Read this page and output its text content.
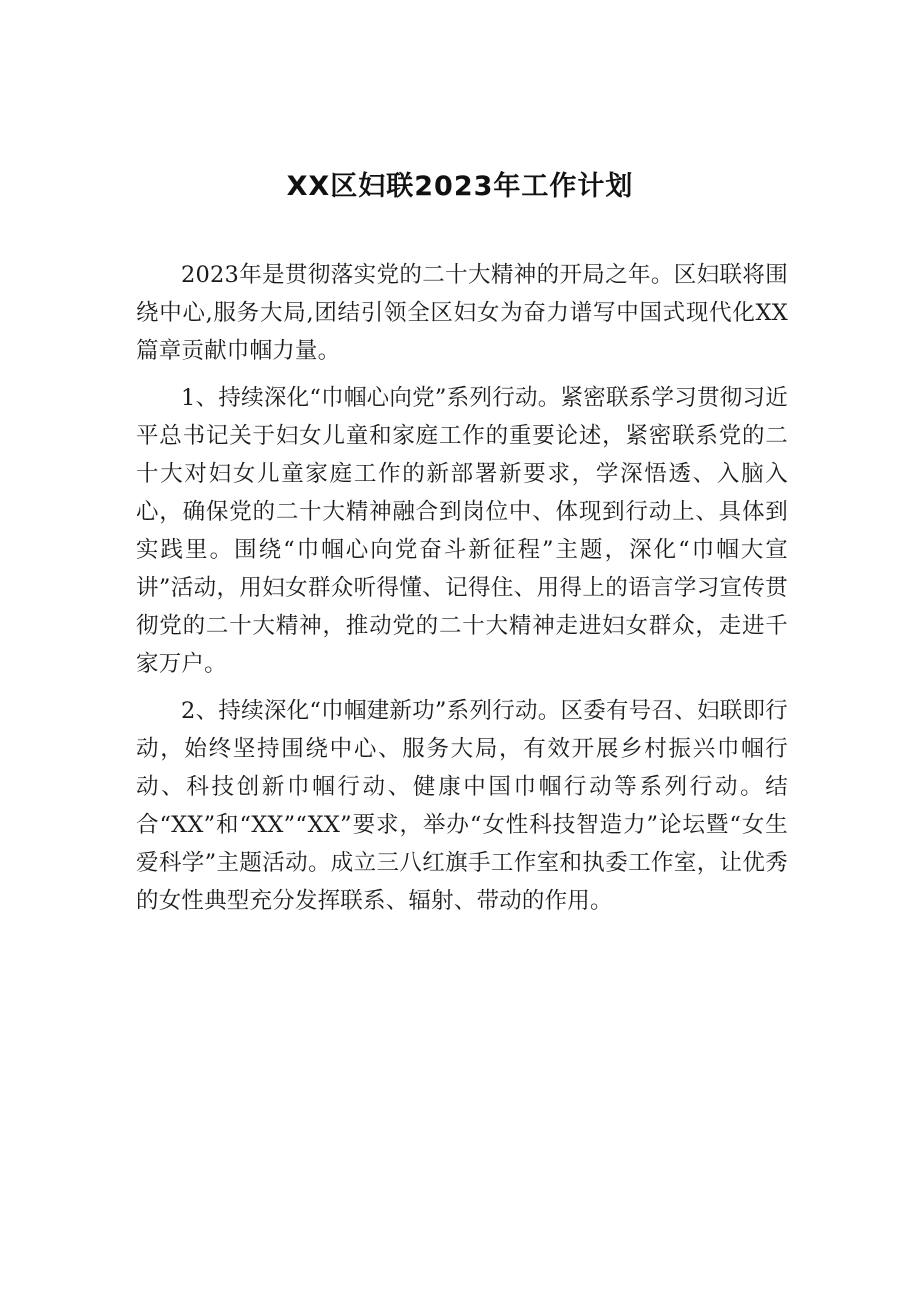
XX区妇联2023年工作计划

2023年是贯彻落实党的二十大精神的开局之年。区妇联将围绕中心,服务大局,团结引领全区妇女为奋力谱写中国式现代化XX篇章贡献巾帼力量。

1、持续深化“巾帼心向党”系列行动。紧密联系学习贯彻习近平总书记关于妇女儿童和家庭工作的重要论述，紧密联系党的二十大对妇女儿童家庭工作的新部署新要求，学深悟透、入脑入心，确保党的二十大精神融合到岗位中、体现到行动上、具体到实践里。围绕“巾帼心向党奋斗新征程”主题，深化“巾帼大宣讲”活动，用妇女群众听得懂、记得住、用得上的语言学习宣传贯彻党的二十大精神，推动党的二十大精神走进妇女群众，走进千家万户。

2、持续深化“巾帼建新功”系列行动。区委有号召、妇联即行动，始终坚持围绕中心、服务大局，有效开展乡村振兴巾帼行动、科技创新巾帼行动、健康中国巾帼行动等系列行动。结合“XX”和“XX”“XX”要求，举办“女性科技智造力”论坛暨“女生爱科学”主题活动。成立三八红旗手工作室和执委工作室，让优秀的女性典型充分发挥联系、辐射、带动的作用。
